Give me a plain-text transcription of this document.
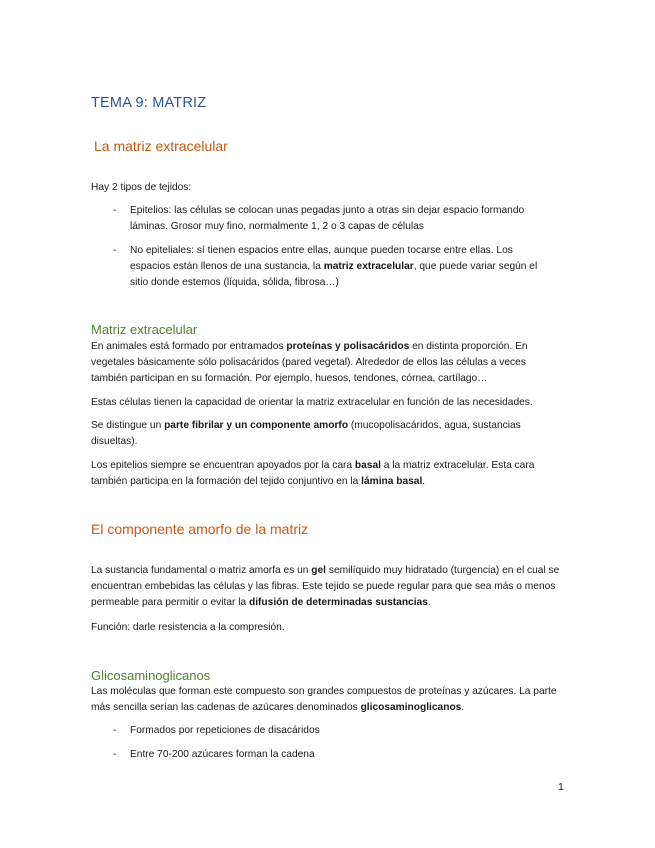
TEMA 9: MATRIZ
La matriz extracelular
Hay 2 tipos de tejidos:
- Epitelios: las células se colocan unas pegadas junto a otras sin dejar espacio formando láminas. Grosor muy fino, normalmente 1, 2 o 3 capas de células
- No epiteliales: sí tienen espacios entre ellas, aunque pueden tocarse entre ellas. Los espacios están llenos de una sustancia, la matriz extracelular, que puede variar según el sitio donde estemos (líquida, sólida, fibrosa…)
Matriz extracelular
En animales está formado por entramados proteínas y polisacáridos en distinta proporción. En vegetales básicamente sólo polisacáridos (pared vegetal). Alrededor de ellos las células a veces también participan en su formación. Por ejemplo, huesos, tendones, córnea, cartílago…
Estas células tienen la capacidad de orientar la matriz extracelular en función de las necesidades.
Se distingue un parte fibrilar y un componente amorfo (mucopolisacáridos, agua, sustancias disueltas).
Los epitelios siempre se encuentran apoyados por la cara basal a la matriz extracelular. Esta cara también participa en la formación del tejido conjuntivo en la lámina basal.
El componente amorfo de la matriz
La sustancia fundamental o matriz amorfa es un gel semilíquido muy hidratado (turgencia) en el cual se encuentran embebidas las células y las fibras. Este tejido se puede regular para que sea más o menos permeable para permitir o evitar la difusión de determinadas sustancias.
Función: darle resistencia a la compresión.
Glicosaminoglicanos
Las moléculas que forman este compuesto son grandes compuestos de proteínas y azúcares. La parte más sencilla serían las cadenas de azúcares denominados glicosaminoglicanos.
- Formados por repeticiones de disacáridos
- Entre 70-200 azúcares forman la cadena
1
